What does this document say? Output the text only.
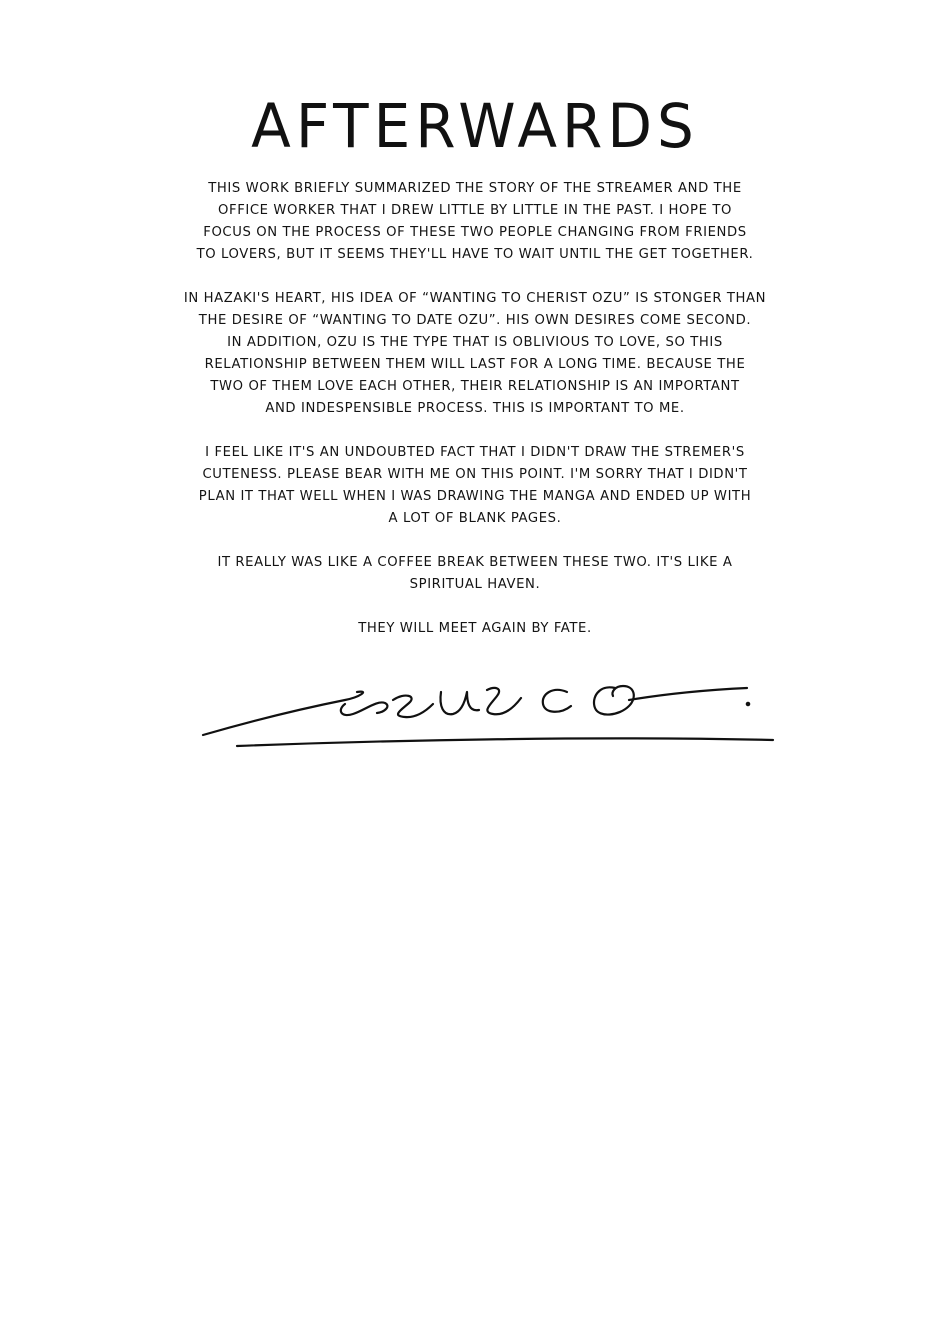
AFTERWARDS
THIS WORK BRIEFLY SUMMARIZED THE STORY OF THE STREAMER AND THE
OFFICE WORKER THAT I DREW LITTLE BY LITTLE IN THE PAST. I HOPE TO
FOCUS ON THE PROCESS OF THESE TWO PEOPLE CHANGING FROM FRIENDS
TO LOVERS, BUT IT SEEMS THEY'LL HAVE TO WAIT UNTIL THE GET TOGETHER.
IN HAZAKI'S HEART, HIS IDEA OF “WANTING TO CHERIST OZU” IS STONGER THAN
THE DESIRE OF “WANTING TO DATE OZU”. HIS OWN DESIRES COME SECOND.
IN ADDITION, OZU IS THE TYPE THAT IS OBLIVIOUS TO LOVE, SO THIS
RELATIONSHIP BETWEEN THEM WILL LAST FOR A LONG TIME. BECAUSE THE
TWO OF THEM LOVE EACH OTHER, THEIR RELATIONSHIP IS AN IMPORTANT
AND INDESPENSIBLE PROCESS. THIS IS IMPORTANT TO ME.
I FEEL LIKE IT'S AN UNDOUBTED FACT THAT I DIDN'T DRAW THE STREMER'S
CUTENESS. PLEASE BEAR WITH ME ON THIS POINT. I'M SORRY THAT I DIDN'T
PLAN IT THAT WELL WHEN I WAS DRAWING THE MANGA AND ENDED UP WITH
A LOT OF BLANK PAGES.
IT REALLY WAS LIKE A COFFEE BREAK BETWEEN THESE TWO. IT'S LIKE A
SPIRITUAL HAVEN.
THEY WILL MEET AGAIN BY FATE.
